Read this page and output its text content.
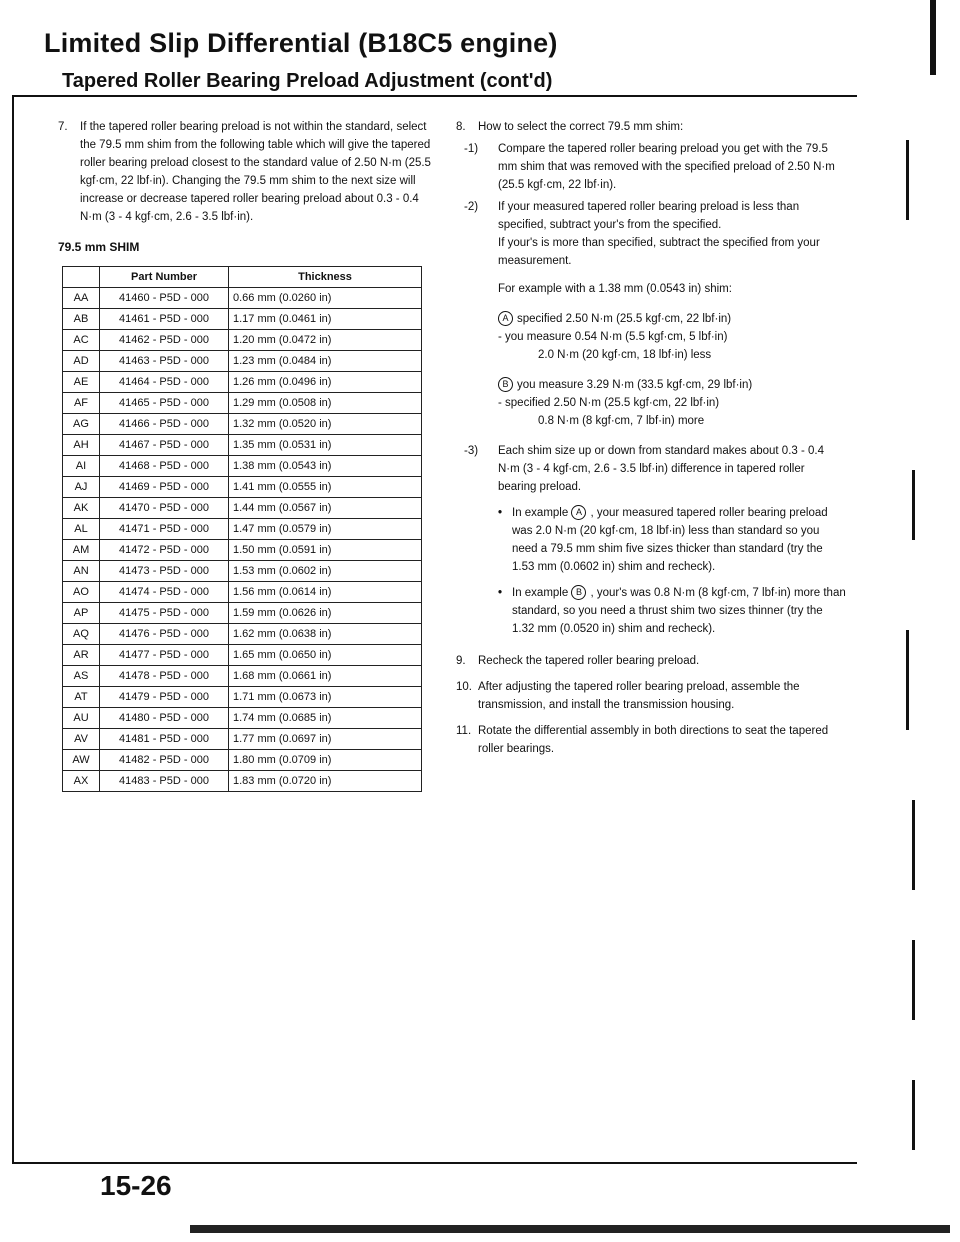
Limited Slip Differential (B18C5 engine)
Tapered Roller Bearing Preload Adjustment (cont'd)
7.	If the tapered roller bearing preload is not within the standard, select the 79.5 mm shim from the following table which will give the tapered roller bearing preload closest to the standard value of 2.50 N·m (25.5 kgf·cm, 22 lbf·in). Changing the 79.5 mm shim to the next size will increase or decrease tapered roller bearing preload about 0.3 - 0.4 N·m (3 - 4 kgf·cm, 2.6 - 3.5 lbf·in).
79.5 mm SHIM
	Part Number	Thickness
AA	41460 - P5D - 000	0.66 mm (0.0260 in)
AB	41461 - P5D - 000	1.17 mm (0.0461 in)
AC	41462 - P5D - 000	1.20 mm (0.0472 in)
AD	41463 - P5D - 000	1.23 mm (0.0484 in)
AE	41464 - P5D - 000	1.26 mm (0.0496 in)
AF	41465 - P5D - 000	1.29 mm (0.0508 in)
AG	41466 - P5D - 000	1.32 mm (0.0520 in)
AH	41467 - P5D - 000	1.35 mm (0.0531 in)
AI	41468 - P5D - 000	1.38 mm (0.0543 in)
AJ	41469 - P5D - 000	1.41 mm (0.0555 in)
AK	41470 - P5D - 000	1.44 mm (0.0567 in)
AL	41471 - P5D - 000	1.47 mm (0.0579 in)
AM	41472 - P5D - 000	1.50 mm (0.0591 in)
AN	41473 - P5D - 000	1.53 mm (0.0602 in)
AO	41474 - P5D - 000	1.56 mm (0.0614 in)
AP	41475 - P5D - 000	1.59 mm (0.0626 in)
AQ	41476 - P5D - 000	1.62 mm (0.0638 in)
AR	41477 - P5D - 000	1.65 mm (0.0650 in)
AS	41478 - P5D - 000	1.68 mm (0.0661 in)
AT	41479 - P5D - 000	1.71 mm (0.0673 in)
AU	41480 - P5D - 000	1.74 mm (0.0685 in)
AV	41481 - P5D - 000	1.77 mm (0.0697 in)
AW	41482 - P5D - 000	1.80 mm (0.0709 in)
AX	41483 - P5D - 000	1.83 mm (0.0720 in)
8.	How to select the correct 79.5 mm shim:
-1)	Compare the tapered roller bearing preload you get with the 79.5 mm shim that was removed with the specified preload of 2.50 N·m (25.5 kgf·cm, 22 lbf·in).
-2)	If your measured tapered roller bearing preload is less than specified, subtract your's from the specified.
If your's is more than specified, subtract the specified from your measurement.
For example with a 1.38 mm (0.0543 in) shim:
A specified 2.50 N·m (25.5 kgf·cm, 22 lbf·in)
- you measure 0.54 N·m (5.5 kgf·cm, 5 lbf·in)
2.0 N·m (20 kgf·cm, 18 lbf·in) less
B you measure 3.29 N·m (33.5 kgf·cm, 29 lbf·in)
- specified 2.50 N·m (25.5 kgf·cm, 22 lbf·in)
0.8 N·m (8 kgf·cm, 7 lbf·in) more
-3)	Each shim size up or down from standard makes about 0.3 - 0.4 N·m (3 - 4 kgf·cm, 2.6 - 3.5 lbf·in) difference in tapered roller bearing preload.
• In example A , your measured tapered roller bearing preload was 2.0 N·m (20 kgf·cm, 18 lbf·in) less than standard so you need a 79.5 mm shim five sizes thicker than standard (try the 1.53 mm (0.0602 in) shim and recheck).
• In example B , your's was 0.8 N·m (8 kgf·cm, 7 lbf·in) more than standard, so you need a thrust shim two sizes thinner (try the 1.32 mm (0.0520 in) shim and recheck).
9.	Recheck the tapered roller bearing preload.
10. After adjusting the tapered roller bearing preload, assemble the transmission, and install the transmission housing.
11. Rotate the differential assembly in both directions to seat the tapered roller bearings.
15-26
